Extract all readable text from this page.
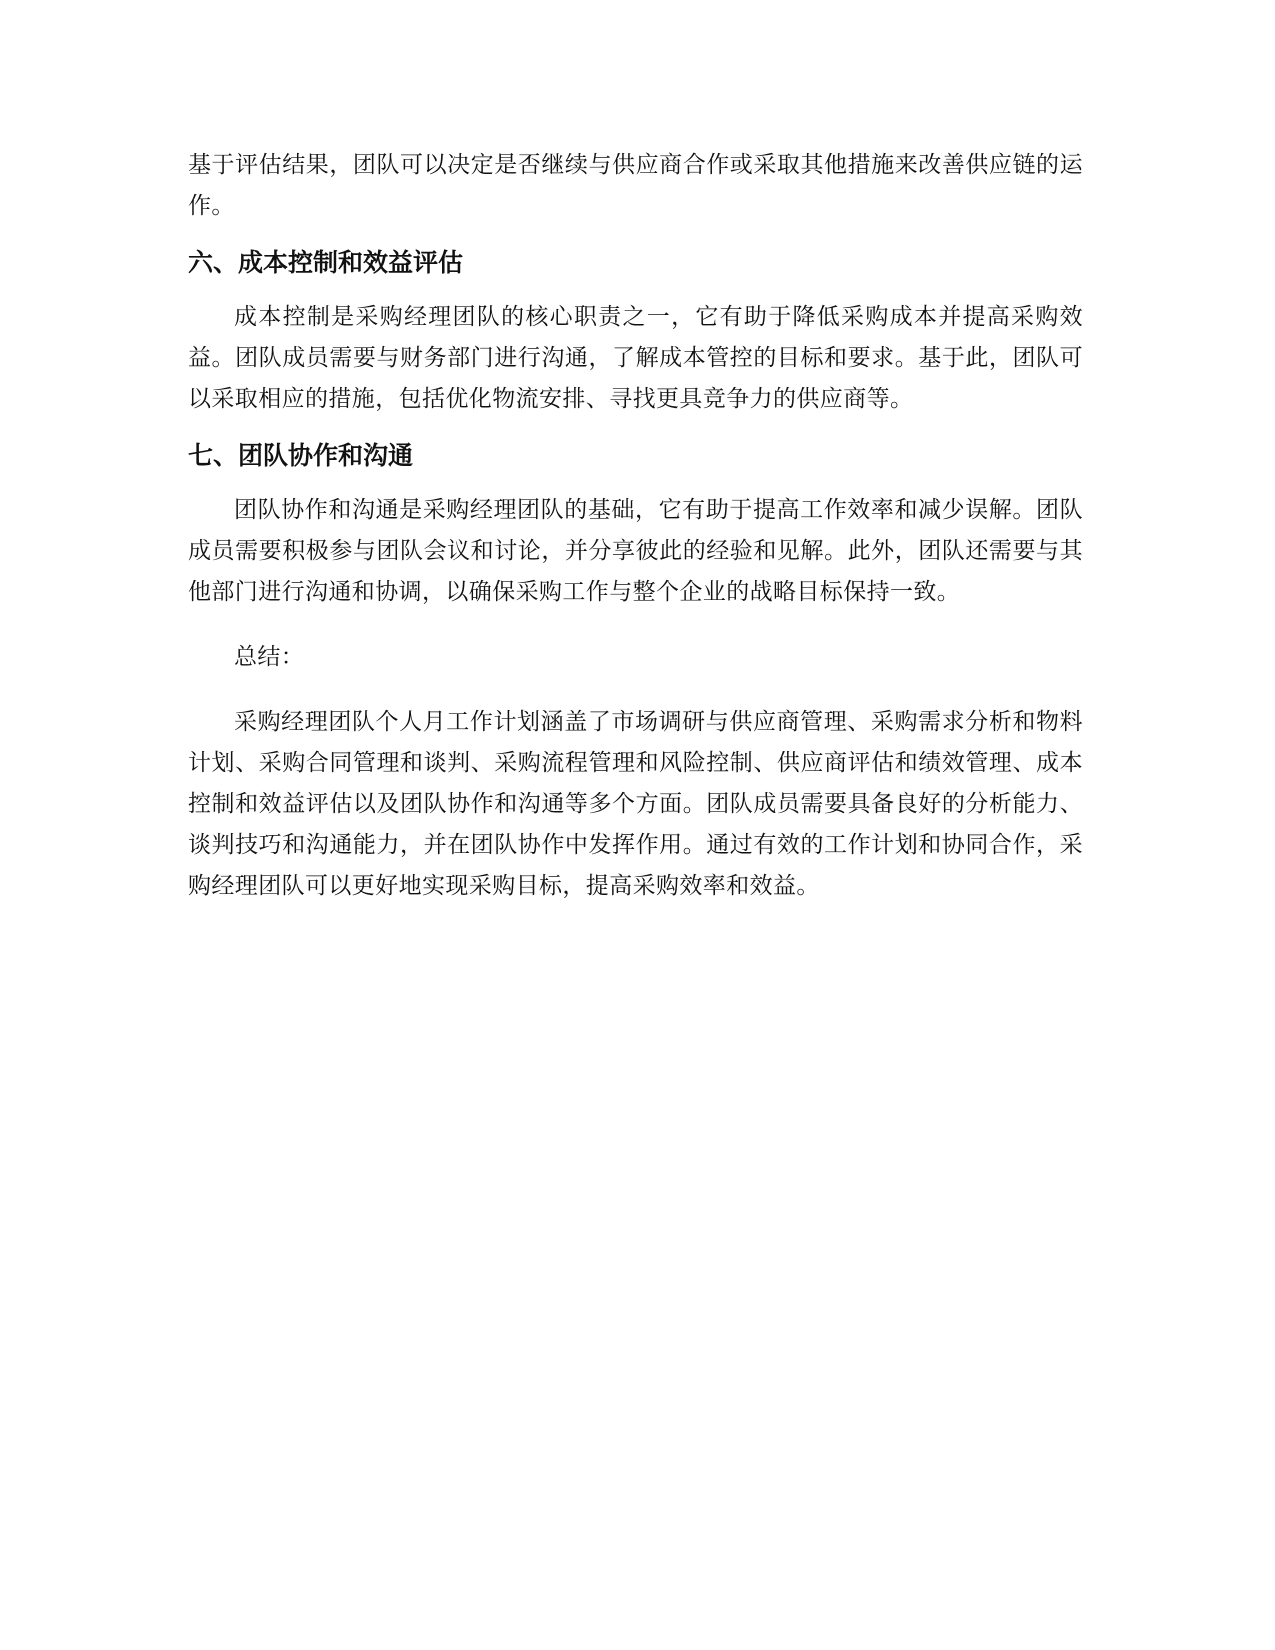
基于评估结果，团队可以决定是否继续与供应商合作或采取其他措施来改善供应链的运作。

六、成本控制和效益评估

成本控制是采购经理团队的核心职责之一，它有助于降低采购成本并提高采购效益。团队成员需要与财务部门进行沟通，了解成本管控的目标和要求。基于此，团队可以采取相应的措施，包括优化物流安排、寻找更具竞争力的供应商等。

七、团队协作和沟通

团队协作和沟通是采购经理团队的基础，它有助于提高工作效率和减少误解。团队成员需要积极参与团队会议和讨论，并分享彼此的经验和见解。此外，团队还需要与其他部门进行沟通和协调，以确保采购工作与整个企业的战略目标保持一致。

总结：

采购经理团队个人月工作计划涵盖了市场调研与供应商管理、采购需求分析和物料计划、采购合同管理和谈判、采购流程管理和风险控制、供应商评估和绩效管理、成本控制和效益评估以及团队协作和沟通等多个方面。团队成员需要具备良好的分析能力、谈判技巧和沟通能力，并在团队协作中发挥作用。通过有效的工作计划和协同合作，采购经理团队可以更好地实现采购目标，提高采购效率和效益。
